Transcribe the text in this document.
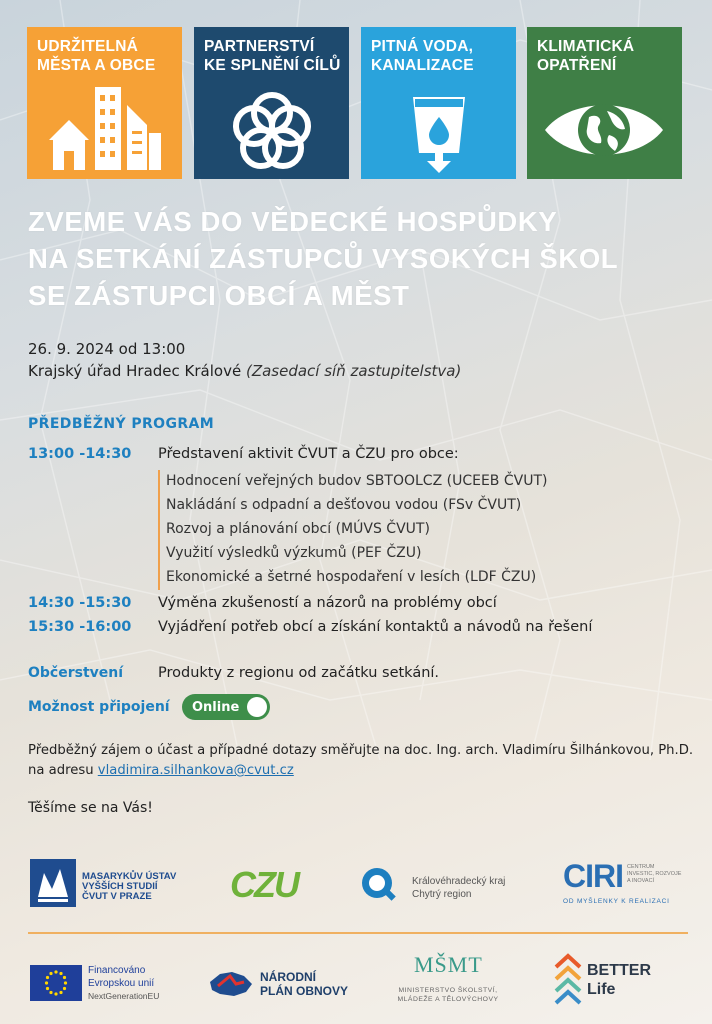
UDRŽITELNÁ
MĚSTA A OBCE
PARTNERSTVÍ
KE SPLNĚNÍ CÍLŮ
PITNÁ VODA,
KANALIZACE
KLIMATICKÁ
OPATŘENÍ
ZVEME VÁS DO VĚDECKÉ HOSPŮDKY
NA SETKÁNÍ ZÁSTUPCŮ VYSOKÝCH ŠKOL
SE ZÁSTUPCI OBCÍ A MĚST
26. 9. 2024 od 13:00
Krajský úřad Hradec Králové (Zasedací síň zastupitelstva)
PŘEDBĚŽNÝ PROGRAM
13:00 -14:30	Představení aktivit ČVUT a ČZU pro obce:
Hodnocení veřejných budov SBTOOLCZ (UCEEB ČVUT)
Nakládání s odpadní a dešťovou vodou (FSv ČVUT)
Rozvoj a plánování obcí (MÚVS ČVUT)
Využití výsledků výzkumů (PEF ČZU)
Ekonomické a šetrné hospodaření v lesích (LDF ČZU)
14:30 -15:30	Výměna zkušeností a názorů na problémy obcí
15:30 -16:00	Vyjádření potřeb obcí a získání kontaktů a návodů na řešení
Občerstvení Produkty z regionu od začátku setkání.
Možnost připojení Online
Předběžný zájem o účast a případné dotazy směřujte na doc. Ing. arch. Vladimíru Šilhánkovou, Ph.D.
na adresu vladimira.silhankova@cvut.cz
Těšíme se na Vás!
MASARYKŮV ÚSTAV
VYŠŠÍCH STUDIÍ
ČVUT V PRAZE	CZU	Královéhradecký kraj
Chytrý region
CIRI CENTRUM
INVESTIC, ROZVOJE
A INOVACÍ
OD MYŠLENKY K REALIZACI
Financováno
Evropskou unií
NextGenerationEU
NÁRODNÍ
PLÁN OBNOVY
MŠMT
MINISTERSTVO ŠKOLSTVÍ,
MLÁDEŽE A TĚLOVÝCHOVY
BETTER
Life
